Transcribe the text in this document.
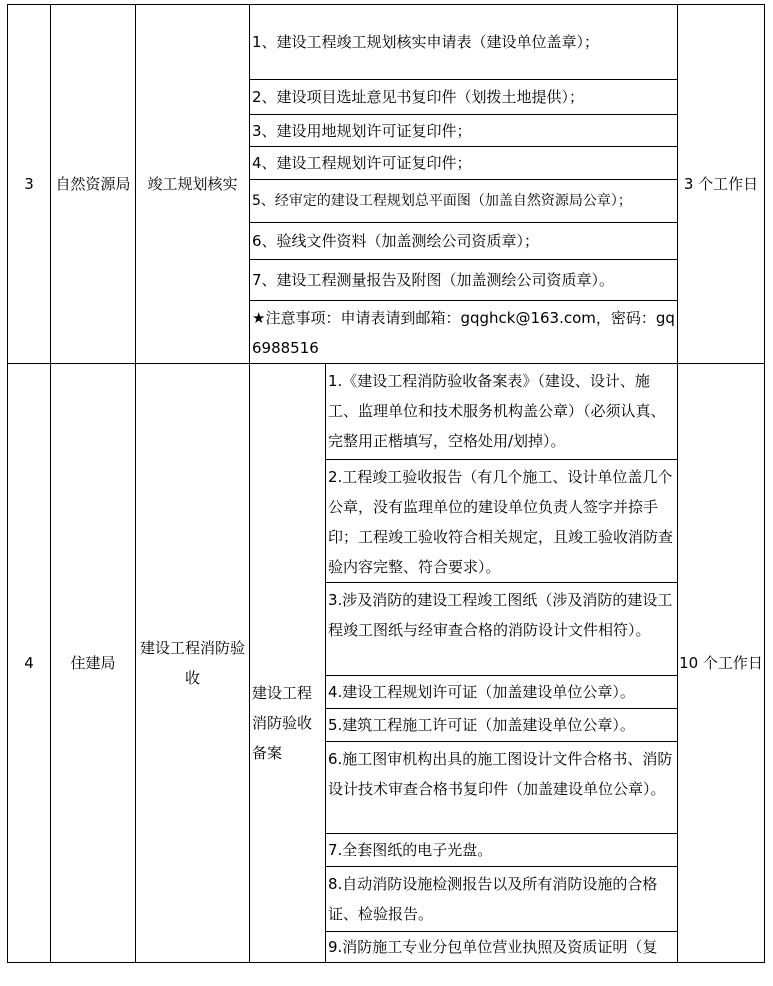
3 自然资源局 竣工规划核实
1、建设工程竣工规划核实申请表（建设单位盖章）；
2、建设项目选址意见书复印件（划拨土地提供）；
3、建设用地规划许可证复印件；
4、建设工程规划许可证复印件；
5、经审定的建设工程规划总平面图（加盖自然资源局公章）；
6、验线文件资料（加盖测绘公司资质章）；
7、建设工程测量报告及附图（加盖测绘公司资质章）。
★注意事项：申请表请到邮箱：gqghck@163.com，密码：gq6988516
3 个工作日
4 住建局
建设工程消防验收
建设工程消防验收备案
1.《建设工程消防验收备案表》（建设、设计、施工、监理单位和技术服务机构盖公章）（必须认真、完整用正楷填写，空格处用/划掉）。
2.工程竣工验收报告（有几个施工、设计单位盖几个公章，没有监理单位的建设单位负责人签字并捺手印；工程竣工验收符合相关规定，且竣工验收消防查验内容完整、符合要求）。
3.涉及消防的建设工程竣工图纸（涉及消防的建设工程竣工图纸与经审查合格的消防设计文件相符）。
4.建设工程规划许可证（加盖建设单位公章）。
5.建筑工程施工许可证（加盖建设单位公章）。
6.施工图审机构出具的施工图设计文件合格书、消防设计技术审查合格书复印件（加盖建设单位公章）。
7.全套图纸的电子光盘。
8.自动消防设施检测报告以及所有消防设施的合格证、检验报告。
9.消防施工专业分包单位营业执照及资质证明（复
10 个工作日
